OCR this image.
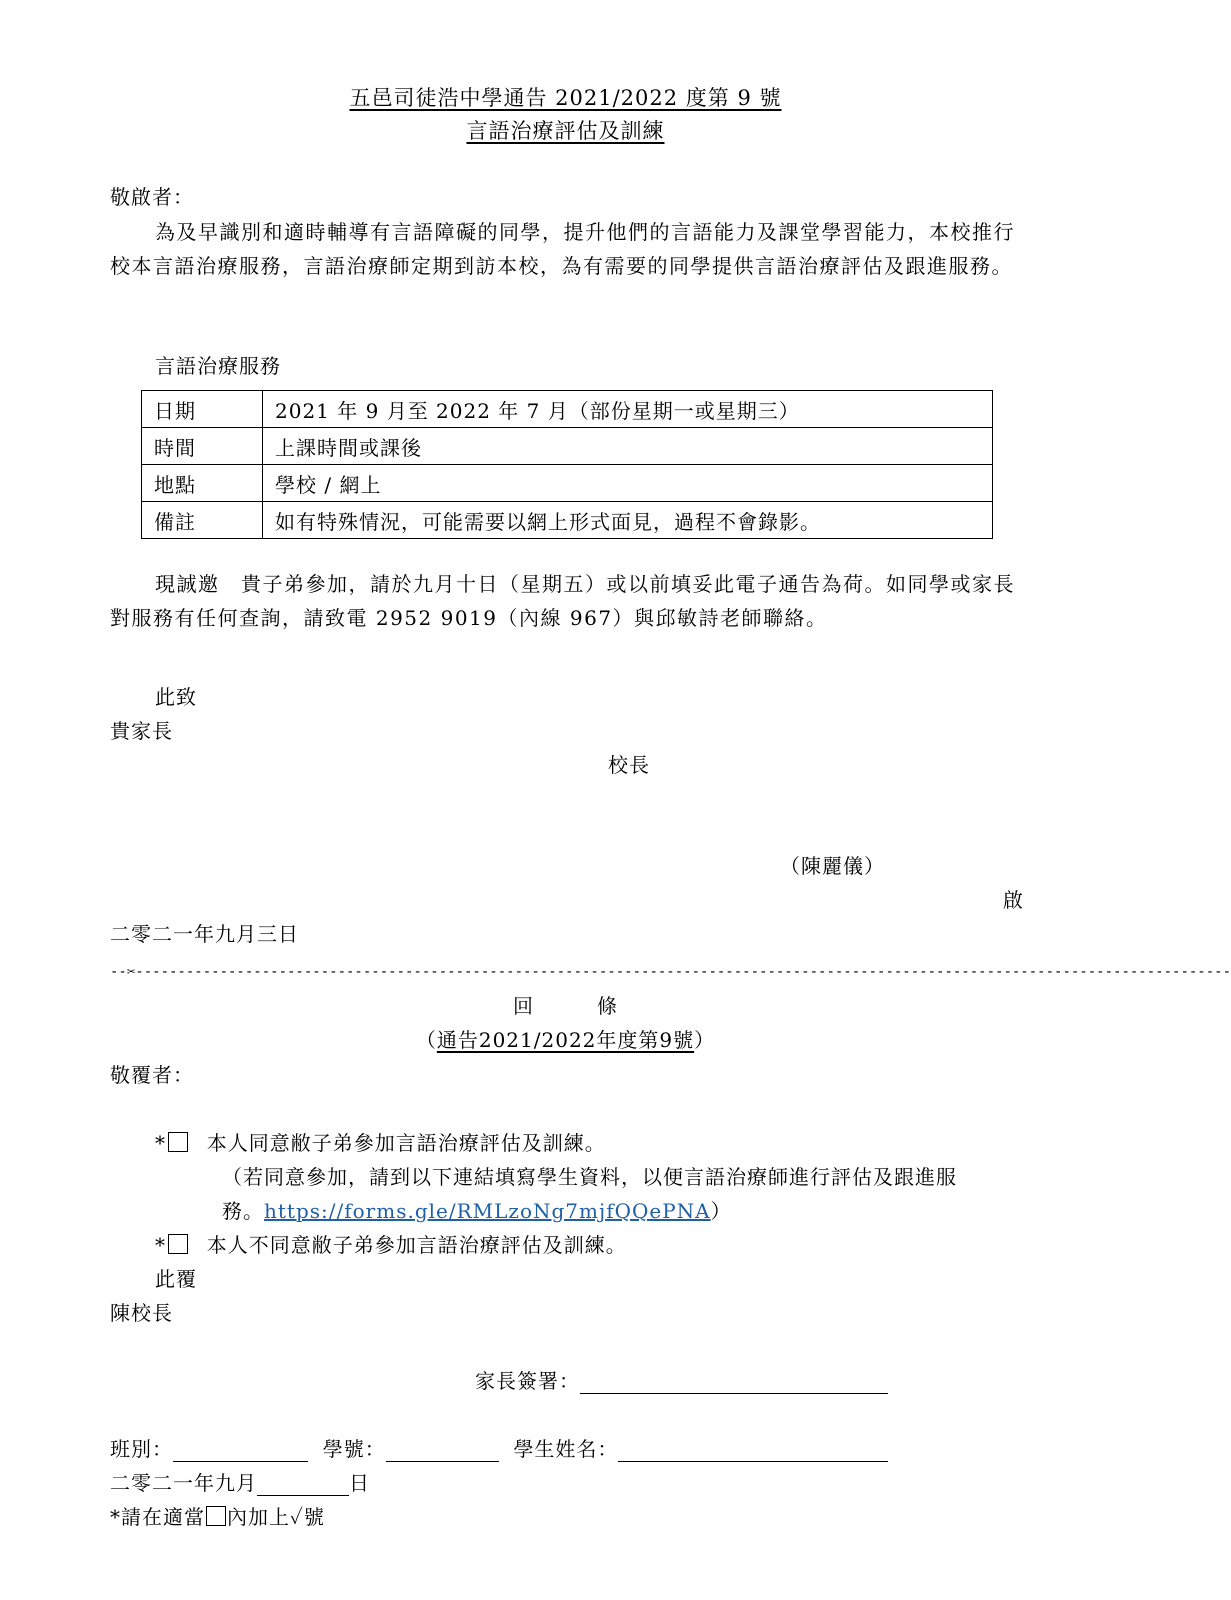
五邑司徒浩中學通告 2021/2022 度第 9 號
言語治療評估及訓練
敬啟者：
為及早識別和適時輔導有言語障礙的同學，提升他們的言語能力及課堂學習能力，本校推行校本言語治療服務，言語治療師定期到訪本校，為有需要的同學提供言語治療評估及跟進服務。
言語治療服務
日期	2021 年 9 月至 2022 年 7 月（部份星期一或星期三）
時間	上課時間或課後
地點	學校 / 網上
備註	如有特殊情況，可能需要以網上形式面見，過程不會錄影。
現誠邀　貴子弟參加，請於九月十日（星期五）或以前填妥此電子通告為荷。如同學或家長對服務有任何查詢，請致電 2952 9019（內線 967）與邱敏詩老師聯絡。
此致
貴家長
校長
（陳麗儀）
啟
二零二一年九月三日
--✂----------------------------------------------------------------------------------------------------------------------------------
回　　　條
（通告2021/2022年度第9號）
敬覆者：
* 本人同意敝子弟參加言語治療評估及訓練。
（若同意參加，請到以下連結填寫學生資料，以便言語治療師進行評估及跟進服
務。https://forms.gle/RMLzoNg7mjfQQePNA）
* 本人不同意敝子弟參加言語治療評估及訓練。
此覆
陳校長
家長簽署：
班別：	學號：	學生姓名：
二零二一年九月	日
*請在適當 內加上✓號
